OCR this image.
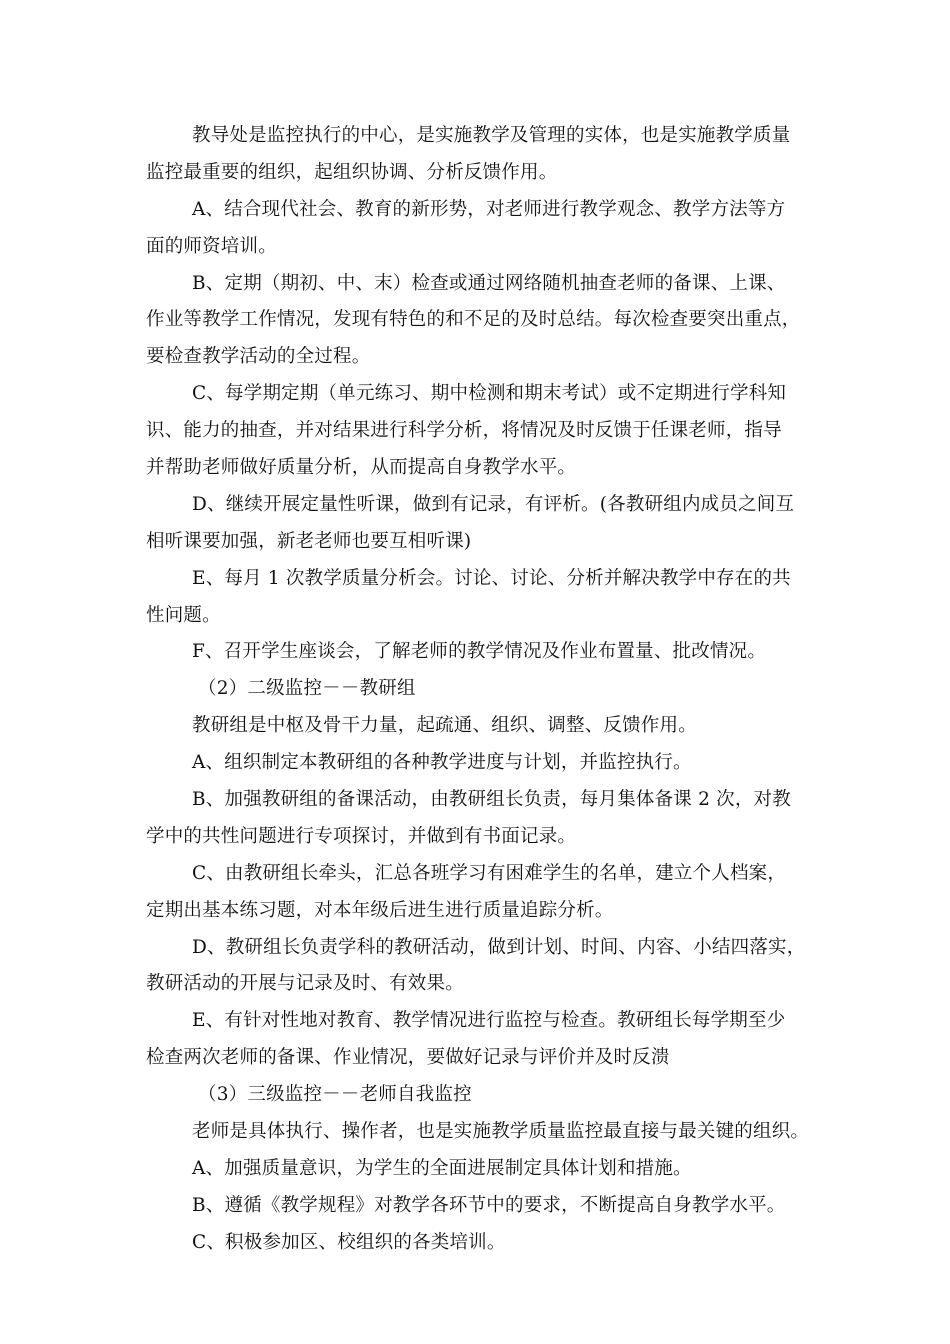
教导处是监控执行的中心，是实施教学及管理的实体，也是实施教学质量
监控最重要的组织，起组织协调、分析反馈作用。
A、结合现代社会、教育的新形势，对老师进行教学观念、教学方法等方
面的师资培训。
B、定期（期初、中、末）检查或通过网络随机抽查老师的备课、上课、
作业等教学工作情况，发现有特色的和不足的及时总结。每次检查要突出重点，
要检查教学活动的全过程。
C、每学期定期（单元练习、期中检测和期末考试）或不定期进行学科知
识、能力的抽查，并对结果进行科学分析，将情况及时反馈于任课老师，指导
并帮助老师做好质量分析，从而提高自身教学水平。
D、继续开展定量性听课，做到有记录，有评析。(各教研组内成员之间互
相听课要加强，新老老师也要互相听课)
E、每月 1 次教学质量分析会。讨论、讨论、分析并解决教学中存在的共
性问题。
F、召开学生座谈会，了解老师的教学情况及作业布置量、批改情况。
（2）二级监控－－教研组
教研组是中枢及骨干力量，起疏通、组织、调整、反馈作用。
A、组织制定本教研组的各种教学进度与计划，并监控执行。
B、加强教研组的备课活动，由教研组长负责，每月集体备课 2 次，对教
学中的共性问题进行专项探讨，并做到有书面记录。
C、由教研组长牵头，汇总各班学习有困难学生的名单，建立个人档案，
定期出基本练习题，对本年级后进生进行质量追踪分析。
D、教研组长负责学科的教研活动，做到计划、时间、内容、小结四落实，
教研活动的开展与记录及时、有效果。
E、有针对性地对教育、教学情况进行监控与检查。教研组长每学期至少
检查两次老师的备课、作业情况，要做好记录与评价并及时反溃
（3）三级监控－－老师自我监控
老师是具体执行、操作者，也是实施教学质量监控最直接与最关键的组织。
A、加强质量意识，为学生的全面进展制定具体计划和措施。
B、遵循《教学规程》对教学各环节中的要求，不断提高自身教学水平。
C、积极参加区、校组织的各类培训。
